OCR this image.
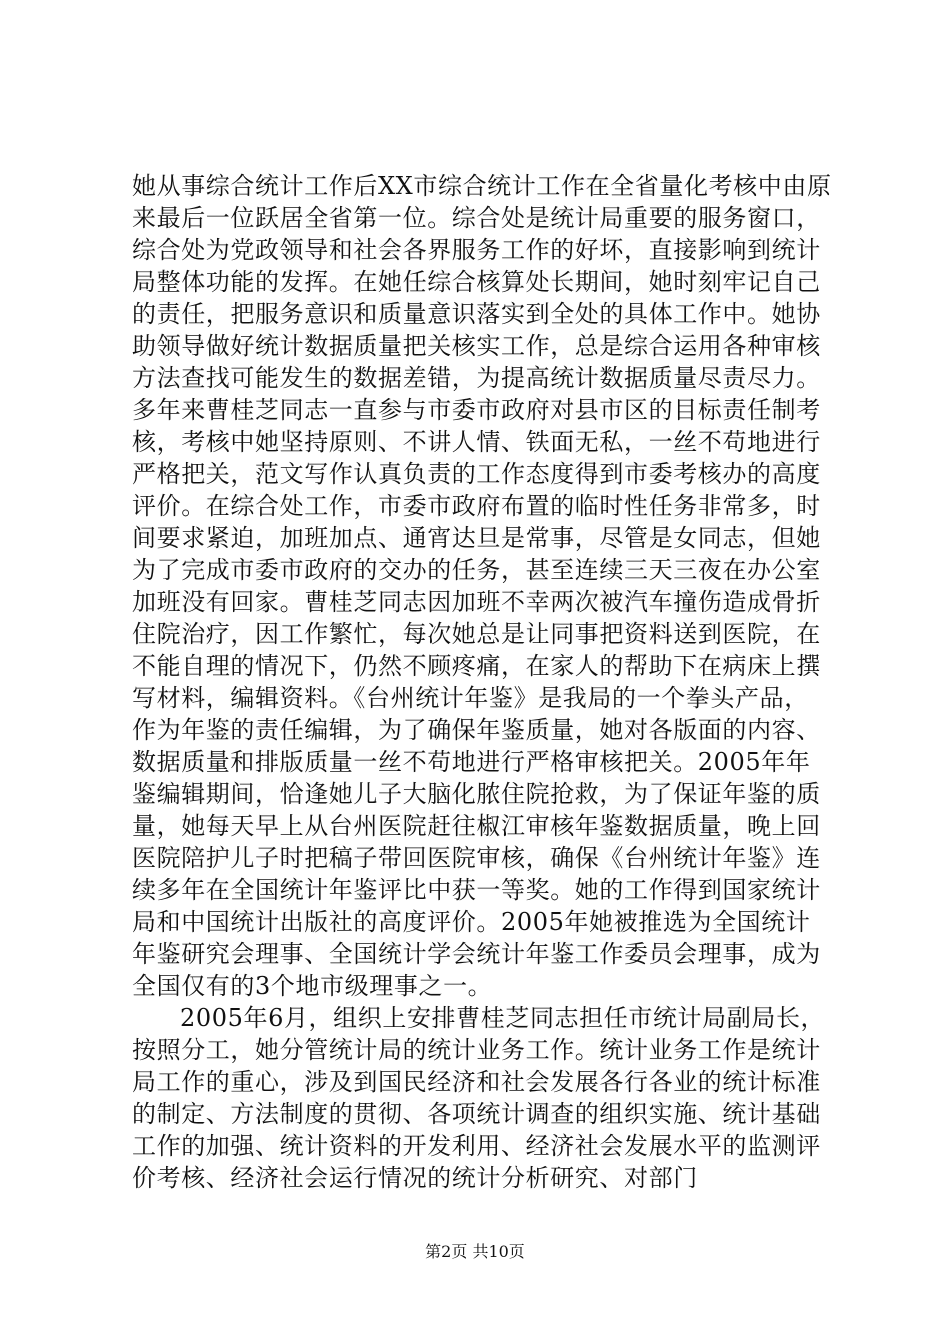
她从事综合统计工作后XX市综合统计工作在全省量化考核中由原来最后一位跃居全省第一位。综合处是统计局重要的服务窗口，综合处为党政领导和社会各界服务工作的好坏，直接影响到统计局整体功能的发挥。在她任综合核算处长期间，她时刻牢记自己的责任，把服务意识和质量意识落实到全处的具体工作中。她协助领导做好统计数据质量把关核实工作，总是综合运用各种审核方法查找可能发生的数据差错，为提高统计数据质量尽责尽力。多年来曹桂芝同志一直参与市委市政府对县市区的目标责任制考核，考核中她坚持原则、不讲人情、铁面无私，一丝不苟地进行严格把关，范文写作认真负责的工作态度得到市委考核办的高度评价。在综合处工作，市委市政府布置的临时性任务非常多，时间要求紧迫，加班加点、通宵达旦是常事，尽管是女同志，但她为了完成市委市政府的交办的任务，甚至连续三天三夜在办公室加班没有回家。曹桂芝同志因加班不幸两次被汽车撞伤造成骨折住院治疗，因工作繁忙，每次她总是让同事把资料送到医院，在不能自理的情况下，仍然不顾疼痛，在家人的帮助下在病床上撰写材料，编辑资料。《台州统计年鉴》是我局的一个拳头产品，作为年鉴的责任编辑，为了确保年鉴质量，她对各版面的内容、数据质量和排版质量一丝不苟地进行严格审核把关。2005年年鉴编辑期间，恰逢她儿子大脑化脓住院抢救，为了保证年鉴的质量，她每天早上从台州医院赶往椒江审核年鉴数据质量，晚上回医院陪护儿子时把稿子带回医院审核，确保《台州统计年鉴》连续多年在全国统计年鉴评比中获一等奖。她的工作得到国家统计局和中国统计出版社的高度评价。2005年她被推选为全国统计年鉴研究会理事、全国统计学会统计年鉴工作委员会理事，成为全国仅有的3个地市级理事之一。

2005年6月，组织上安排曹桂芝同志担任市统计局副局长，按照分工，她分管统计局的统计业务工作。统计业务工作是统计局工作的重心，涉及到国民经济和社会发展各行各业的统计标准的制定、方法制度的贯彻、各项统计调查的组织实施、统计基础工作的加强、统计资料的开发利用、经济社会发展水平的监测评价考核、经济社会运行情况的统计分析研究、对部门

第2页 共10页
